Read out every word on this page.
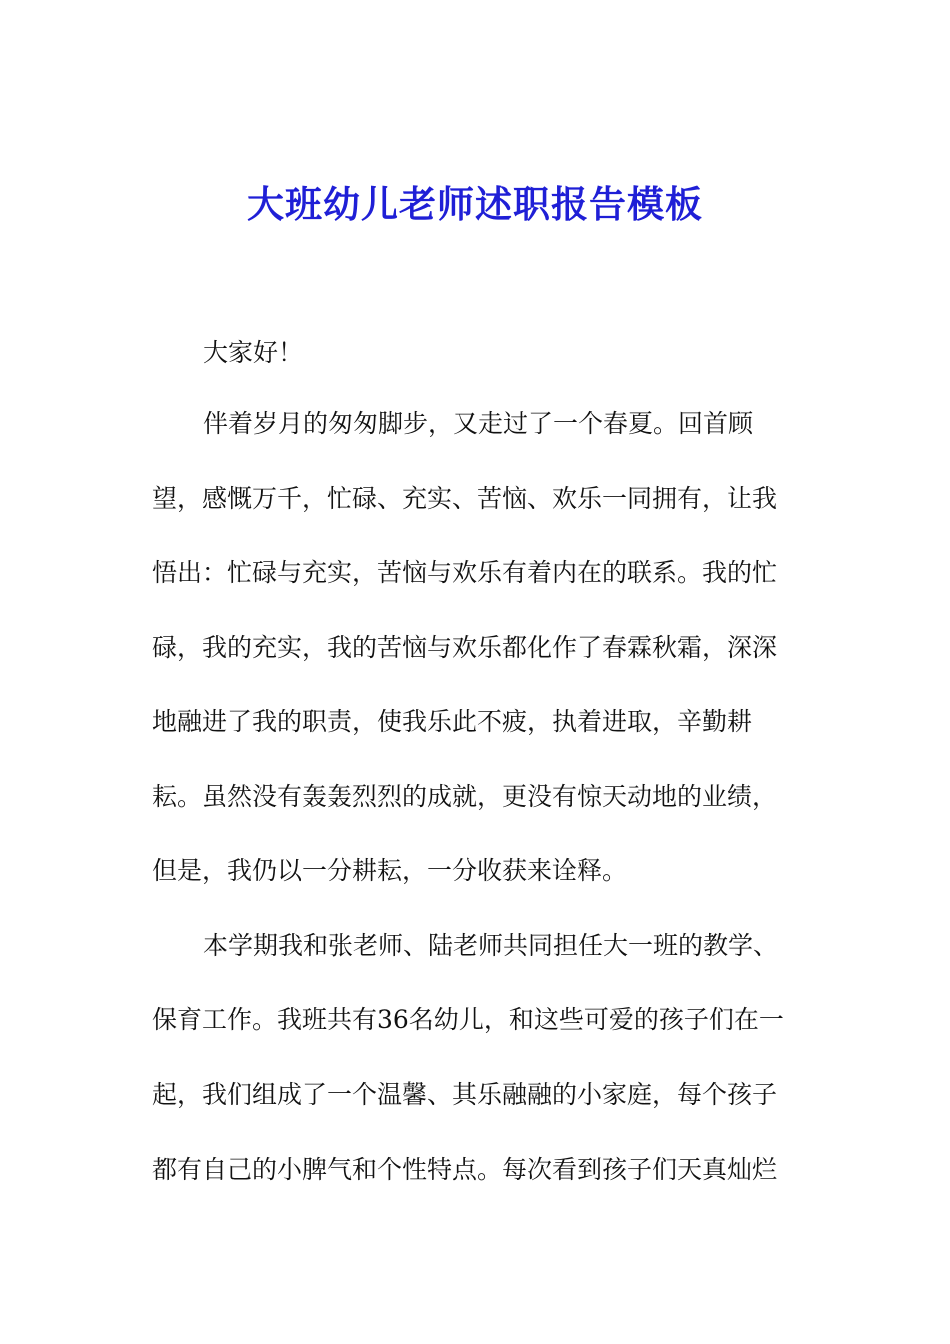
大班幼儿老师述职报告模板
大家好！
伴着岁月的匆匆脚步，又走过了一个春夏。回首顾
望，感慨万千，忙碌、充实、苦恼、欢乐一同拥有，让我
悟出：忙碌与充实，苦恼与欢乐有着内在的联系。我的忙
碌，我的充实，我的苦恼与欢乐都化作了春霖秋霜，深深
地融进了我的职责，使我乐此不疲，执着进取，辛勤耕
耘。虽然没有轰轰烈烈的成就，更没有惊天动地的业绩，
但是，我仍以一分耕耘，一分收获来诠释。
本学期我和张老师、陆老师共同担任大一班的教学、
保育工作。我班共有36名幼儿，和这些可爱的孩子们在一
起，我们组成了一个温馨、其乐融融的小家庭，每个孩子
都有自己的小脾气和个性特点。每次看到孩子们天真灿烂
